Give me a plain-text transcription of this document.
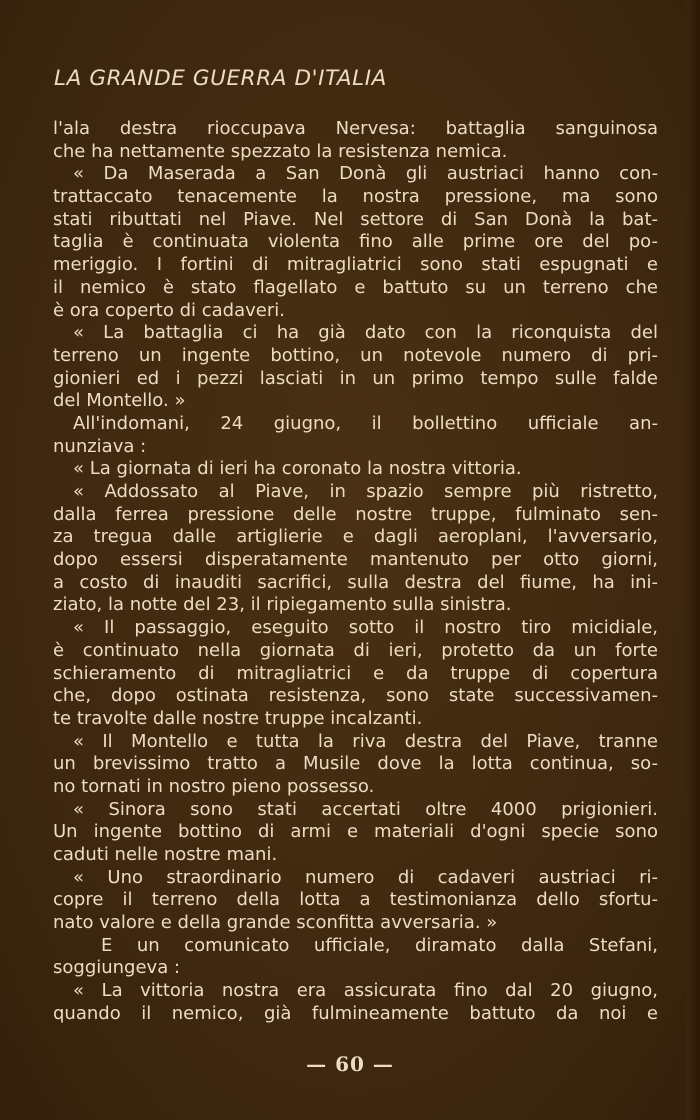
LA GRANDE GUERRA D'ITALIA
l'ala destra rioccupava Nervesa: battaglia sanguinosa
che ha nettamente spezzato la resistenza nemica.
« Da Maserada a San Donà gli austriaci hanno con-
trattaccato tenacemente la nostra pressione, ma sono
stati ributtati nel Piave. Nel settore di San Donà la bat-
taglia è continuata violenta fino alle prime ore del po-
meriggio. I fortini di mitragliatrici sono stati espugnati e
il nemico è stato flagellato e battuto su un terreno che
è ora coperto di cadaveri.
« La battaglia ci ha già dato con la riconquista del
terreno un ingente bottino, un notevole numero di pri-
gionieri ed i pezzi lasciati in un primo tempo sulle falde
del Montello. »
All'indomani, 24 giugno, il bollettino ufficiale an-
nunziava :
« La giornata di ieri ha coronato la nostra vittoria.
« Addossato al Piave, in spazio sempre più ristretto,
dalla ferrea pressione delle nostre truppe, fulminato sen-
za tregua dalle artiglierie e dagli aeroplani, l'avversario,
dopo essersi disperatamente mantenuto per otto giorni,
a costo di inauditi sacrifici, sulla destra del fiume, ha ini-
ziato, la notte del 23, il ripiegamento sulla sinistra.
« Il passaggio, eseguito sotto il nostro tiro micidiale,
è continuato nella giornata di ieri, protetto da un forte
schieramento di mitragliatrici e da truppe di copertura
che, dopo ostinata resistenza, sono state successivamen-
te travolte dalle nostre truppe incalzanti.
« Il Montello e tutta la riva destra del Piave, tranne
un brevissimo tratto a Musile dove la lotta continua, so-
no tornati in nostro pieno possesso.
« Sinora sono stati accertati oltre 4000 prigionieri.
Un ingente bottino di armi e materiali d'ogni specie sono
caduti nelle nostre mani.
« Uno straordinario numero di cadaveri austriaci ri-
copre il terreno della lotta a testimonianza dello sfortu-
nato valore e della grande sconfitta avversaria. »
E un comunicato ufficiale, diramato dalla Stefani,
soggiungeva :
« La vittoria nostra era assicurata fino dal 20 giugno,
quando il nemico, già fulmineamente battuto da noi e
— 60 —
